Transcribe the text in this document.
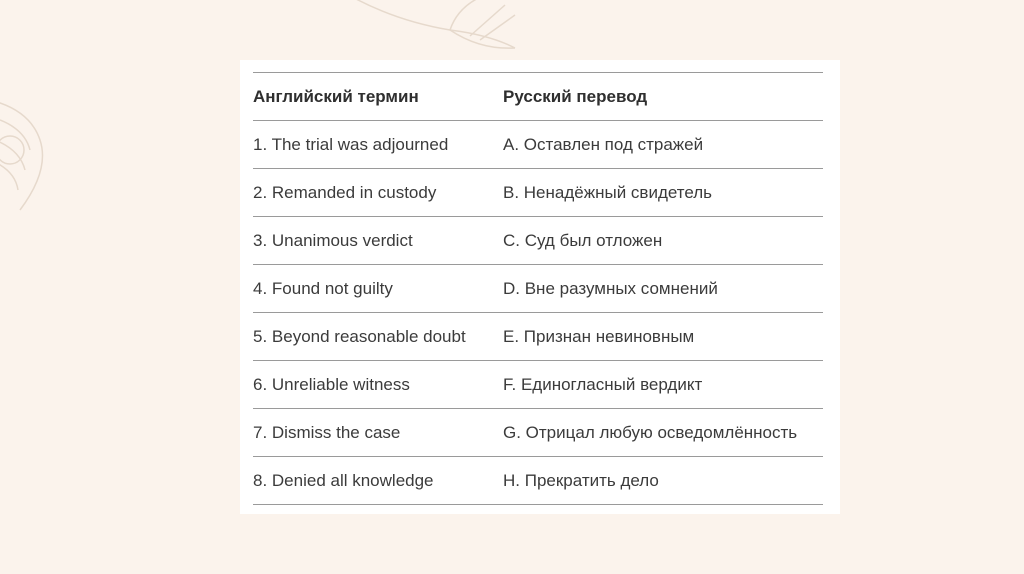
Английский термин	Русский перевод
1. The trial was adjourned	A. Оставлен под стражей
2. Remanded in custody	B. Ненадёжный свидетель
3. Unanimous verdict	C. Суд был отложен
4. Found not guilty	D. Вне разумных сомнений
5. Beyond reasonable doubt	E. Признан невиновным
6. Unreliable witness	F. Единогласный вердикт
7. Dismiss the case	G. Отрицал любую осведомлённость
8. Denied all knowledge	H. Прекратить дело
